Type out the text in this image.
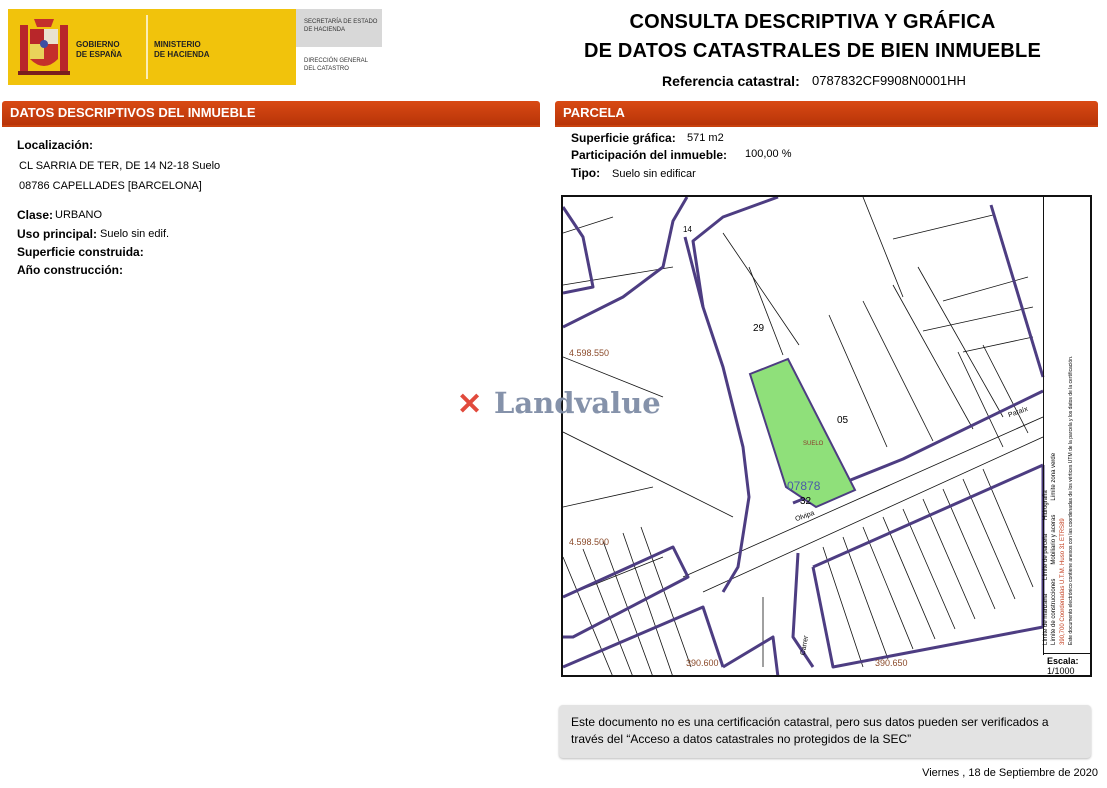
GOBIERNO
DE ESPAÑA
MINISTERIO
DE HACIENDA
SECRETARÍA DE ESTADO
DE HACIENDA
DIRECCIÓN GENERAL
DEL CATASTRO
CONSULTA DESCRIPTIVA Y GRÁFICA
DE DATOS CATASTRALES DE BIEN INMUEBLE
Referencia catastral: 0787832CF9908N0001HH
DATOS DESCRIPTIVOS DEL INMUEBLE
Localización:
CL SARRIA DE TER, DE 14 N2-18 Suelo
08786 CAPELLADES [BARCELONA]
Clase: URBANO
Uso principal: Suelo sin edif.
Superficie construida:
Año construcción:
PARCELA
Superficie gráfica: 571 m2
Participación del inmueble: 100,00 %
Tipo: Suelo sin edificar
4.598.550
4.598.500
390.600	390.650
07878
SUELO
29
05
32
14
Olvipa
Carrer
Paraíx
Límite de manzana
Límite de parcela
Hidrografía
Límite de construcciones
Mobiliario y aceras
Límite zona verde
390,700 Coordenadas U.T.M. Huso 31 ETRS89 Este documento electrónico contiene anexos con las coordenadas de los vértices UTM de la parcela y los datos de la certificación.
Escala:
1/1000
✕ Landvalue
Este documento no es una certificación catastral, pero sus datos pueden ser verificados a través del “Acceso a datos catastrales no protegidos de la SEC”
Viernes , 18 de Septiembre de 2020
